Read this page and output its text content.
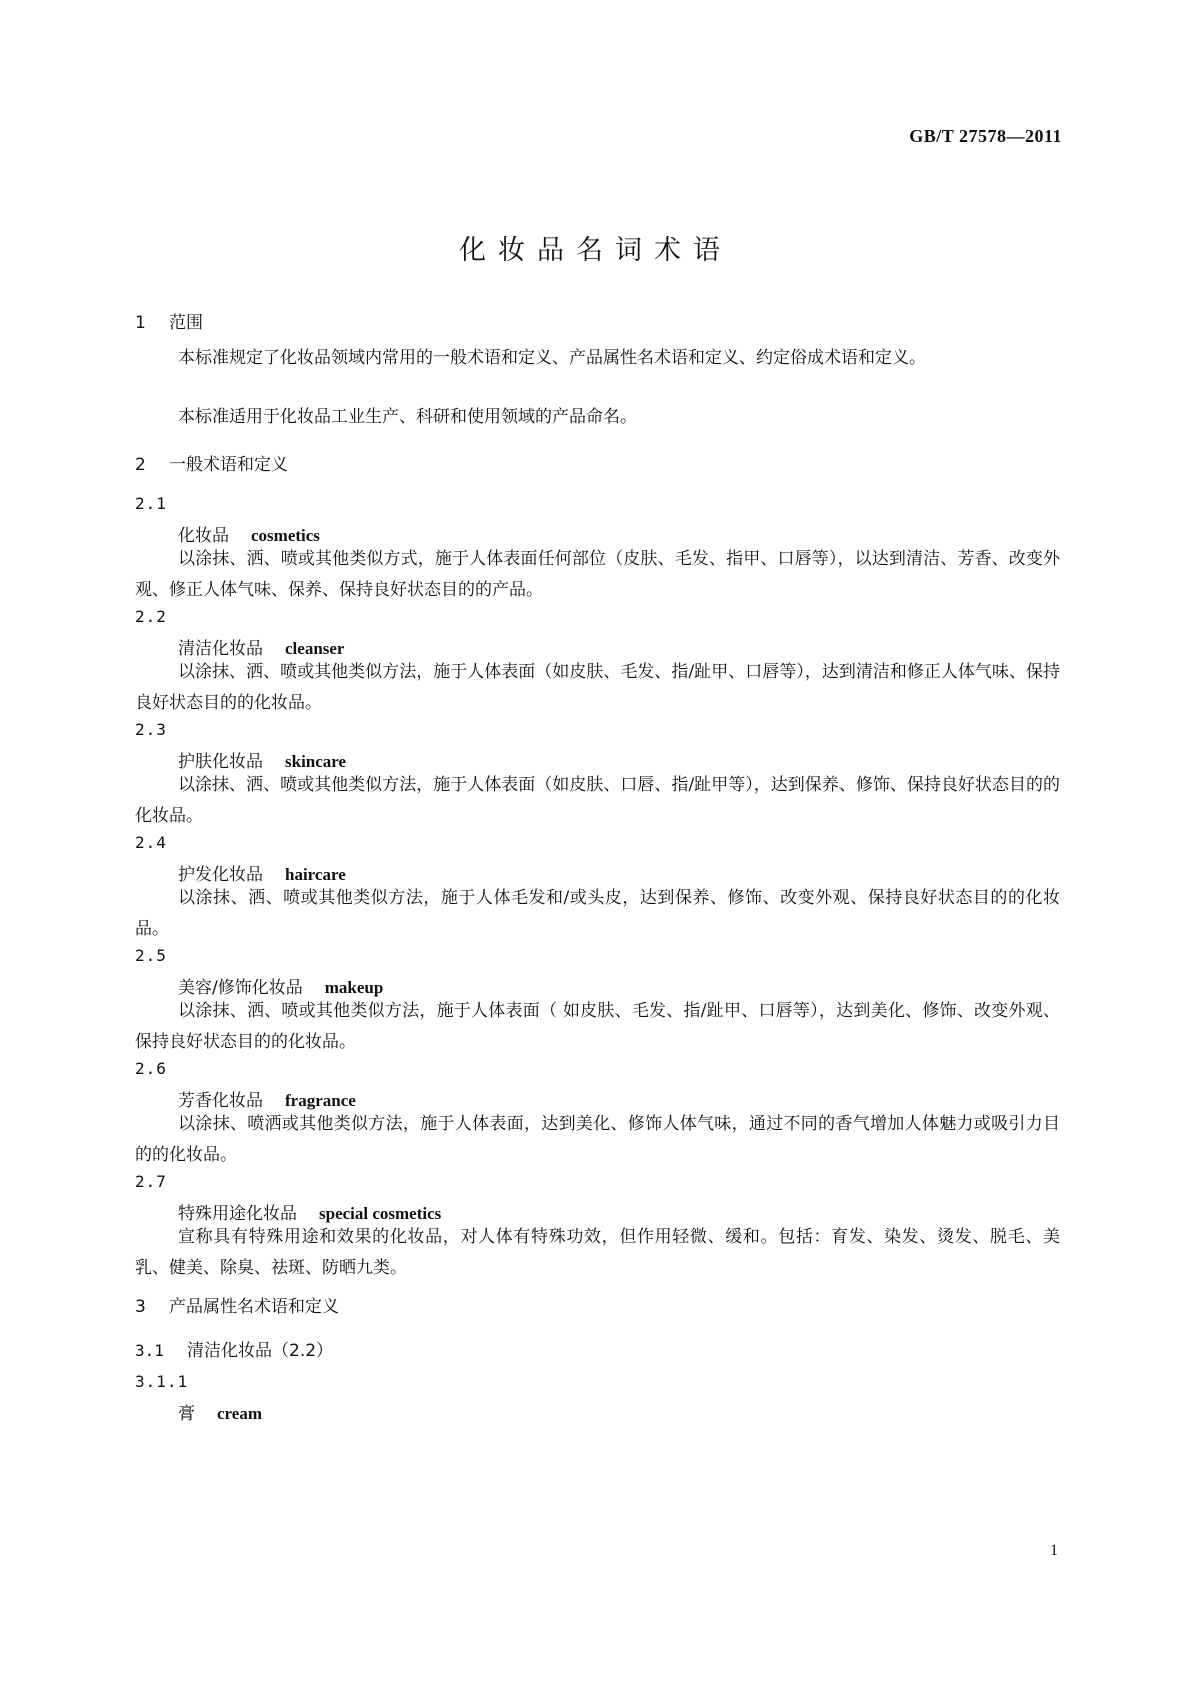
GB/T 27578—2011
化妆品名词术语
1 范围
本标准规定了化妆品领域内常用的一般术语和定义、产品属性名术语和定义、约定俗成术语和定义。
本标准适用于化妆品工业生产、科研和使用领域的产品命名。
2 一般术语和定义
2.1
化妆品 cosmetics
以涂抹、洒、喷或其他类似方式，施于人体表面任何部位（皮肤、毛发、指甲、口唇等），以达到清洁、芳香、改变外观、修正人体气味、保养、保持良好状态目的的产品。
2.2
清洁化妆品 cleanser
以涂抹、洒、喷或其他类似方法，施于人体表面（如皮肤、毛发、指/趾甲、口唇等），达到清洁和修正人体气味、保持良好状态目的的化妆品。
2.3
护肤化妆品 skincare
以涂抹、洒、喷或其他类似方法，施于人体表面（如皮肤、口唇、指/趾甲等），达到保养、修饰、保持良好状态目的的化妆品。
2.4
护发化妆品 haircare
以涂抹、洒、喷或其他类似方法，施于人体毛发和/或头皮，达到保养、修饰、改变外观、保持良好状态目的的化妆品。
2.5
美容/修饰化妆品 makeup
以涂抹、洒、喷或其他类似方法，施于人体表面（ 如皮肤、毛发、指/趾甲、口唇等），达到美化、修饰、改变外观、保持良好状态目的的化妆品。
2.6
芳香化妆品 fragrance
以涂抹、喷洒或其他类似方法，施于人体表面，达到美化、修饰人体气味，通过不同的香气增加人体魅力或吸引力目的的化妆品。
2.7
特殊用途化妆品 special cosmetics
宣称具有特殊用途和效果的化妆品，对人体有特殊功效，但作用轻微、缓和。包括：育发、染发、烫发、脱毛、美乳、健美、除臭、祛斑、防晒九类。
3 产品属性名术语和定义
3.1 清洁化妆品（2.2）
3.1.1
膏 cream
1
